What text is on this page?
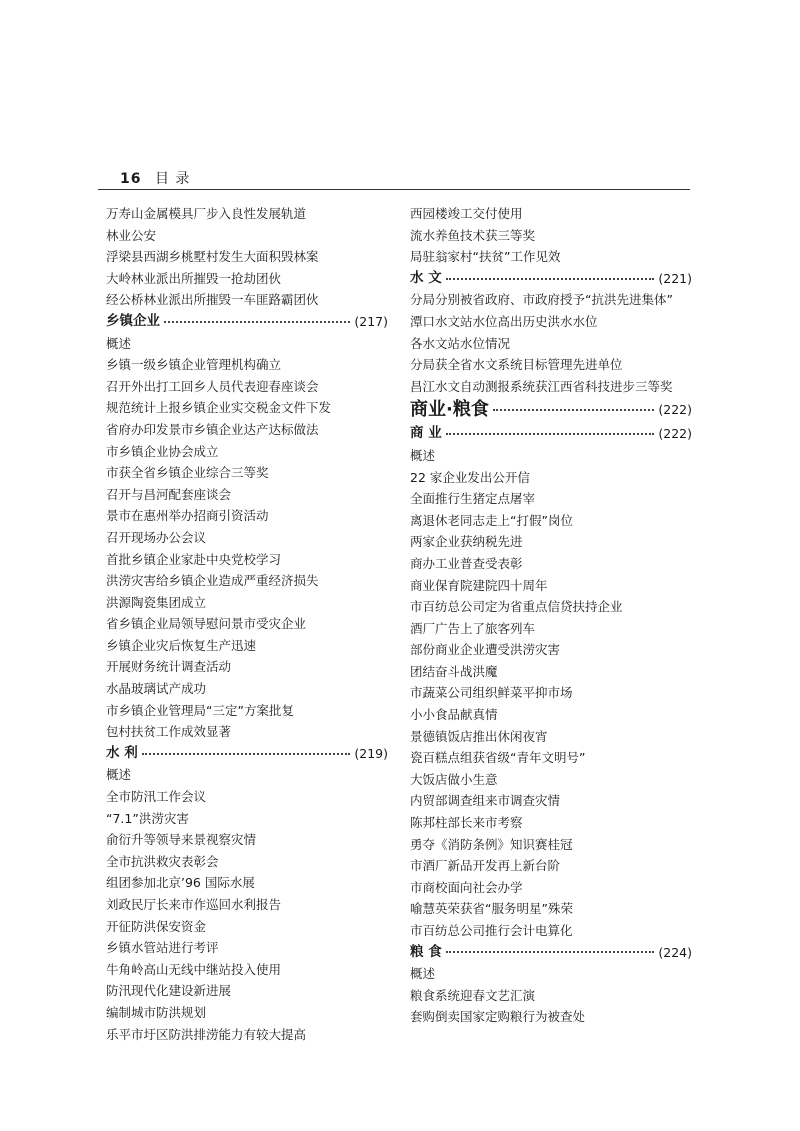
16 目 录
万寿山金属模具厂步入良性发展轨道
林业公安
浮梁县西湖乡桃墅村发生大面积毁林案
大岭林业派出所摧毁一抢劫团伙
经公桥林业派出所摧毁一车匪路霸团伙
乡镇企业	(217)
概述
乡镇一级乡镇企业管理机构确立
召开外出打工回乡人员代表迎春座谈会
规范统计上报乡镇企业实交税金文件下发
省府办印发景市乡镇企业达产达标做法
市乡镇企业协会成立
市获全省乡镇企业综合三等奖
召开与昌河配套座谈会
景市在惠州举办招商引资活动
召开现场办公会议
首批乡镇企业家赴中央党校学习
洪涝灾害给乡镇企业造成严重经济损失
洪源陶瓷集团成立
省乡镇企业局领导慰问景市受灾企业
乡镇企业灾后恢复生产迅速
开展财务统计调查活动
水晶玻璃试产成功
市乡镇企业管理局“三定”方案批复
包村扶贫工作成效显著
水 利	(219)
概述
全市防汛工作会议
“7.1”洪涝灾害
俞衍升等领导来景视察灾情
全市抗洪救灾表彰会
组团参加北京’96 国际水展
刘政民厅长来市作巡回水利报告
开征防洪保安资金
乡镇水管站进行考评
牛角岭高山无线中继站投入使用
防汛现代化建设新进展
编制城市防洪规划
乐平市圩区防洪排涝能力有较大提高
西园楼竣工交付使用
流水养鱼技术获三等奖
局驻翁家村“扶贫”工作见效
水 文	(221)
分局分别被省政府、市政府授予“抗洪先进集体”
潭口水文站水位高出历史洪水水位
各水文站水位情况
分局获全省水文系统目标管理先进单位
昌江水文自动测报系统获江西省科技进步三等奖
商业·粮食	(222)
商 业	(222)
概述
22 家企业发出公开信
全面推行生猪定点屠宰
离退休老同志走上“打假”岗位
两家企业获纳税先进
商办工业普查受表彰
商业保育院建院四十周年
市百纺总公司定为省重点信贷扶持企业
酒厂广告上了旅客列车
部份商业企业遭受洪涝灾害
团结奋斗战洪魔
市蔬菜公司组织鲜菜平抑市场
小小食品献真情
景德镇饭店推出休闲夜宵
瓷百糕点组获省级“青年文明号”
大饭店做小生意
内贸部调查组来市调查灾情
陈邦柱部长来市考察
勇夺《消防条例》知识赛桂冠
市酒厂新品开发再上新台阶
市商校面向社会办学
喻慧英荣获省“服务明星”殊荣
市百纺总公司推行会计电算化
粮 食	(224)
概述
粮食系统迎春文艺汇演
套购倒卖国家定购粮行为被查处
